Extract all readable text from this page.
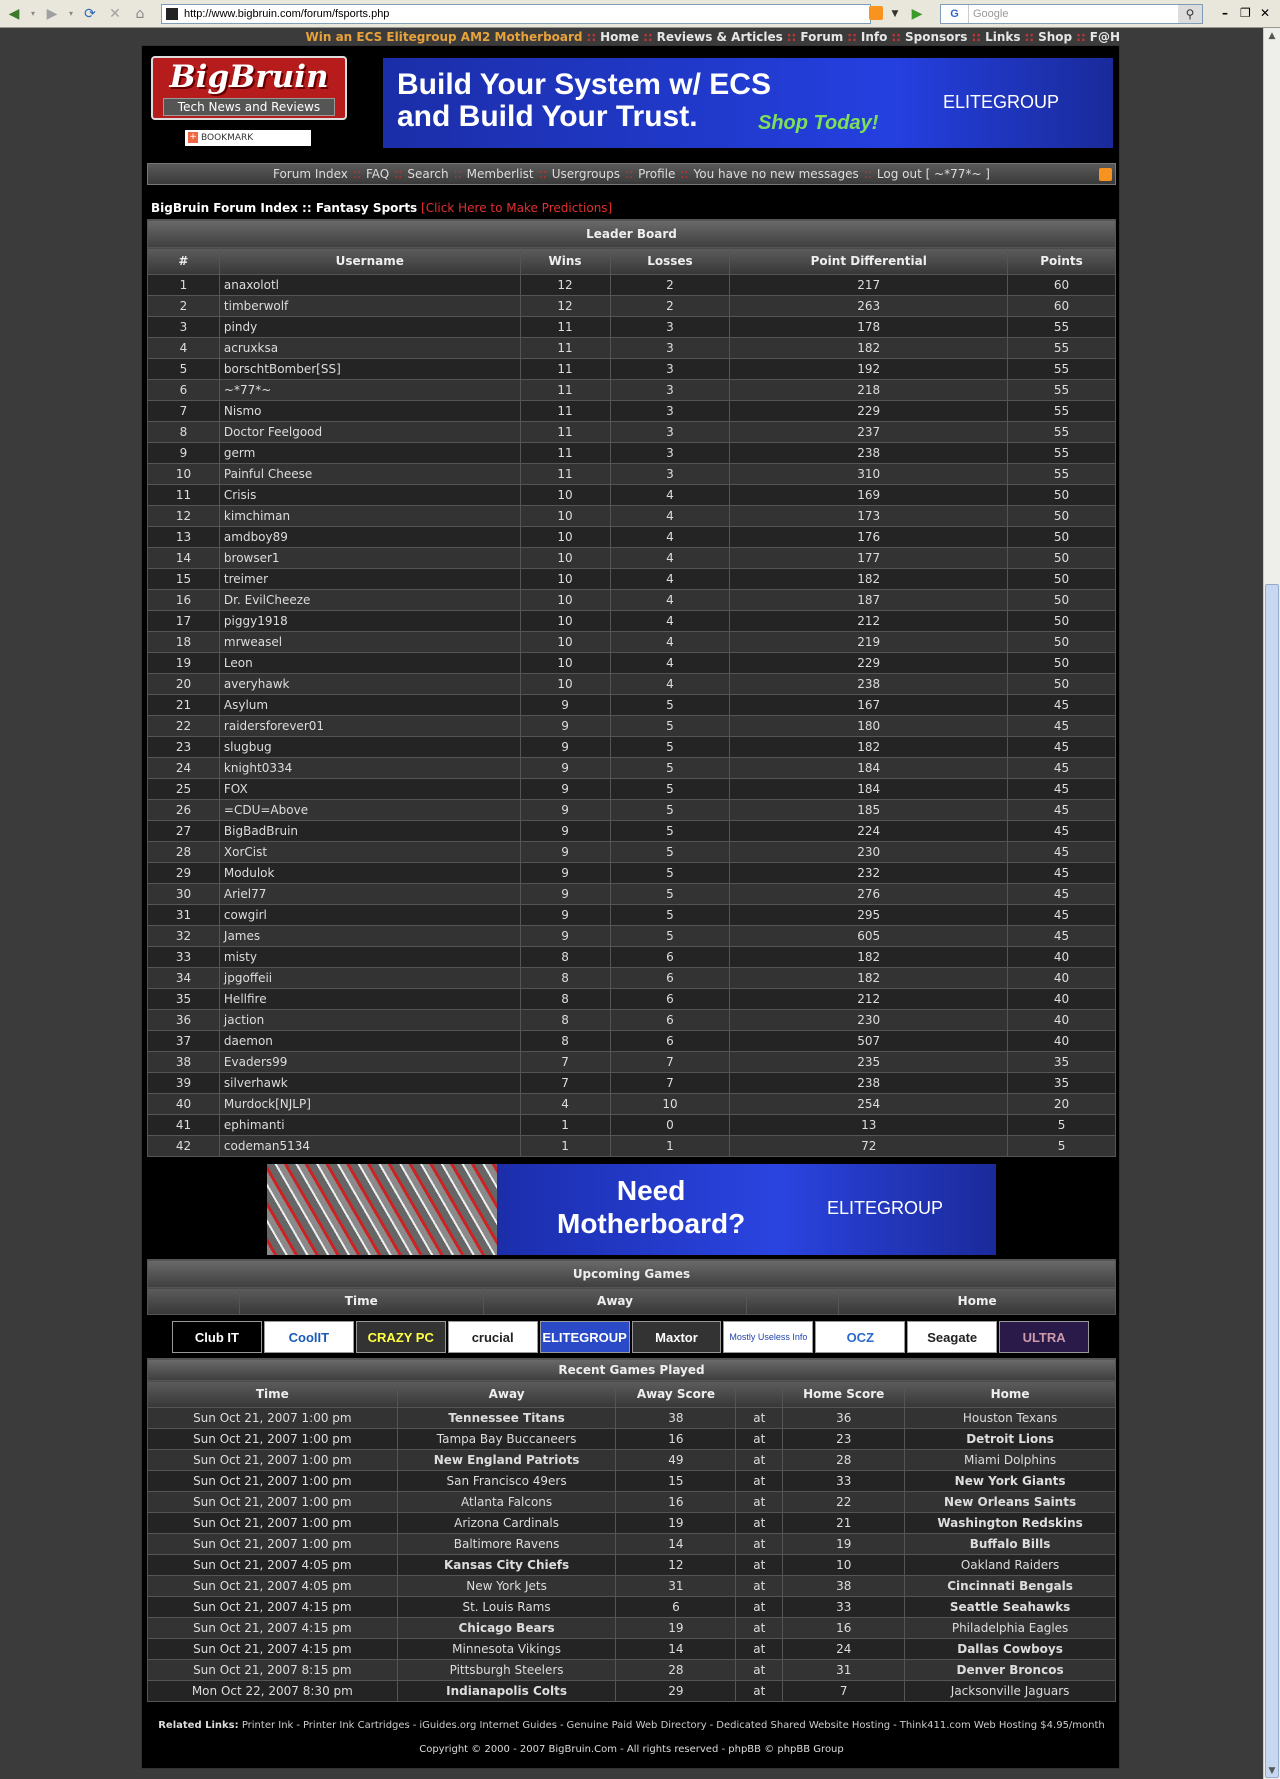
◀	▾ ▶	▾ ⟳ ✕	⌂	http://www.bigbruin.com/forum/fsports.php	▼ ▶	G Google	⚲	– ❐ ✕
▲
▼
Win an ECS Elitegroup AM2 Motherboard :: Home :: Reviews & Articles :: Forum :: Info :: Sponsors :: Links :: Shop :: F@H
BigBruin
Tech News and Reviews
+ BOOKMARK
Build Your System w/ ECS
and Build Your Trust.	Shop Today!
ELITEGROUP
Forum Index :: FAQ :: Search :: Memberlist :: Usergroups :: Profile :: You have no new messages :: Log out [ ~*77*~ ]
BigBruin Forum Index :: Fantasy Sports [Click Here to Make Predictions]
Leader Board					
#	Username	Wins	Losses	Point Differential	Points
1	anaxolotl	12	2	217	60
2	timberwolf	12	2	263	60
3	pindy	11	3	178	55
4	acruxksa	11	3	182	55
5	borschtBomber[SS]	11	3	192	55
6	~*77*~	11	3	218	55
7	Nismo	11	3	229	55
8	Doctor Feelgood	11	3	237	55
9	germ	11	3	238	55
10	Painful Cheese	11	3	310	55
11	Crisis	10	4	169	50
12	kimchiman	10	4	173	50
13	amdboy89	10	4	176	50
14	browser1	10	4	177	50
15	treimer	10	4	182	50
16	Dr. EvilCheeze	10	4	187	50
17	piggy1918	10	4	212	50
18	mrweasel	10	4	219	50
19	Leon	10	4	229	50
20	averyhawk	10	4	238	50
21	Asylum	9	5	167	45
22	raidersforever01	9	5	180	45
23	slugbug	9	5	182	45
24	knight0334	9	5	184	45
25	FOX	9	5	184	45
26	=CDU=Above	9	5	185	45
27	BigBadBruin	9	5	224	45
28	XorCist	9	5	230	45
29	Modulok	9	5	232	45
30	Ariel77	9	5	276	45
31	cowgirl	9	5	295	45
32	James	9	5	605	45
33	misty	8	6	182	40
34	jpgoffeii	8	6	182	40
35	Hellfire	8	6	212	40
36	jaction	8	6	230	40
37	daemon	8	6	507	40
38	Evaders99	7	7	235	35
39	silverhawk	7	7	238	35
40	Murdock[NJLP]	4	10	254	20
41	ephimanti	1	0	13	5
42	codeman5134	1	1	72	5
Need
Motherboard?	ELITEGROUP
Upcoming Games
	Time	Away		Home
Club IT	CoolIT	CRAZY PC	crucial	ELITEGROUP	Maxtor	Mostly Useless Info	OCZ	Seagate	ULTRA
Recent Games Played					
Time	Away	Away Score		Home Score	Home
Sun Oct 21, 2007 1:00 pm	Tennessee Titans	38	at	36	Houston Texans
Sun Oct 21, 2007 1:00 pm	Tampa Bay Buccaneers	16	at	23	Detroit Lions
Sun Oct 21, 2007 1:00 pm	New England Patriots	49	at	28	Miami Dolphins
Sun Oct 21, 2007 1:00 pm	San Francisco 49ers	15	at	33	New York Giants
Sun Oct 21, 2007 1:00 pm	Atlanta Falcons	16	at	22	New Orleans Saints
Sun Oct 21, 2007 1:00 pm	Arizona Cardinals	19	at	21	Washington Redskins
Sun Oct 21, 2007 1:00 pm	Baltimore Ravens	14	at	19	Buffalo Bills
Sun Oct 21, 2007 4:05 pm	Kansas City Chiefs	12	at	10	Oakland Raiders
Sun Oct 21, 2007 4:05 pm	New York Jets	31	at	38	Cincinnati Bengals
Sun Oct 21, 2007 4:15 pm	St. Louis Rams	6	at	33	Seattle Seahawks
Sun Oct 21, 2007 4:15 pm	Chicago Bears	19	at	16	Philadelphia Eagles
Sun Oct 21, 2007 4:15 pm	Minnesota Vikings	14	at	24	Dallas Cowboys
Sun Oct 21, 2007 8:15 pm	Pittsburgh Steelers	28	at	31	Denver Broncos
Mon Oct 22, 2007 8:30 pm	Indianapolis Colts	29	at	7	Jacksonville Jaguars
Related Links: Printer Ink - Printer Ink Cartridges - iGuides.org Internet Guides - Genuine Paid Web Directory - Dedicated Shared Website Hosting - Think411.com Web Hosting $4.95/month
Copyright © 2000 - 2007 BigBruin.Com - All rights reserved - phpBB © phpBB Group
